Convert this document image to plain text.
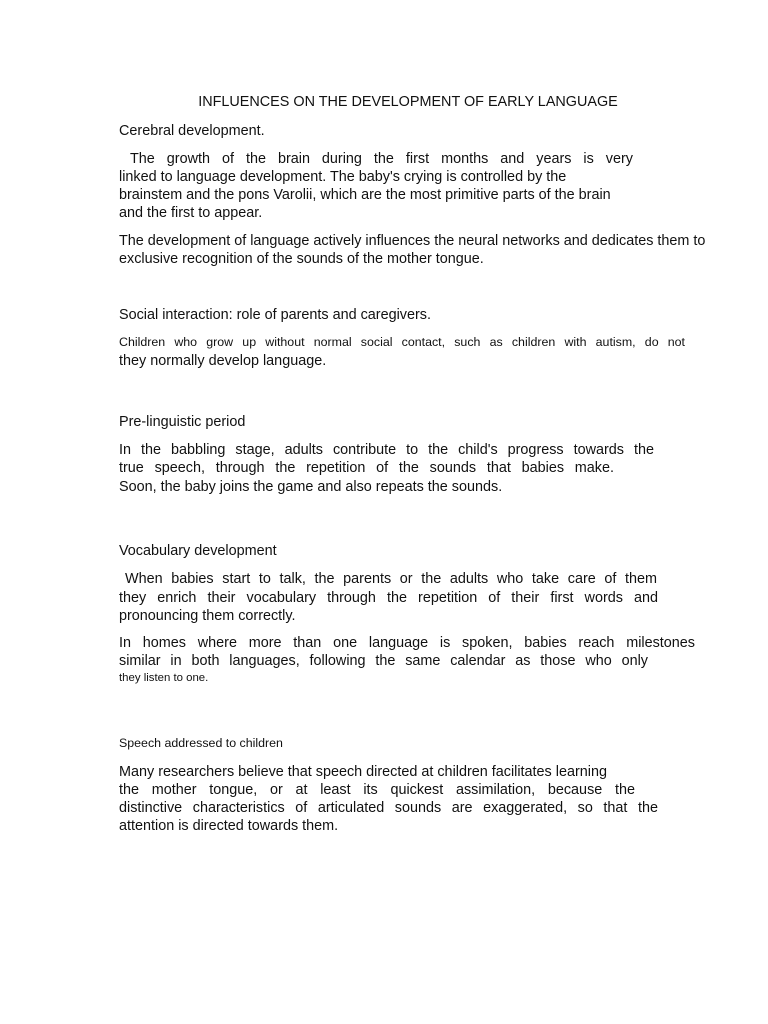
INFLUENCES ON THE DEVELOPMENT OF EARLY LANGUAGE

Cerebral development.

The growth of the brain during the first months and years is very

linked to language development. The baby's crying is controlled by the

brainstem and the pons Varolii, which are the most primitive parts of the brain

and the first to appear.

The development of language actively influences the neural networks and dedicates them to

exclusive recognition of the sounds of the mother tongue.

Social interaction: role of parents and caregivers.

Children who grow up without normal social contact, such as children with autism, do not

they normally develop language.

Pre-linguistic period

In the babbling stage, adults contribute to the child's progress towards the

true speech, through the repetition of the sounds that babies make.

Soon, the baby joins the game and also repeats the sounds.

Vocabulary development

When babies start to talk, the parents or the adults who take care of them

they enrich their vocabulary through the repetition of their first words and

pronouncing them correctly.

In homes where more than one language is spoken, babies reach milestones

similar in both languages, following the same calendar as those who only

they listen to one.

Speech addressed to children

Many researchers believe that speech directed at children facilitates learning

the mother tongue, or at least its quickest assimilation, because the

distinctive characteristics of articulated sounds are exaggerated, so that the

attention is directed towards them.
